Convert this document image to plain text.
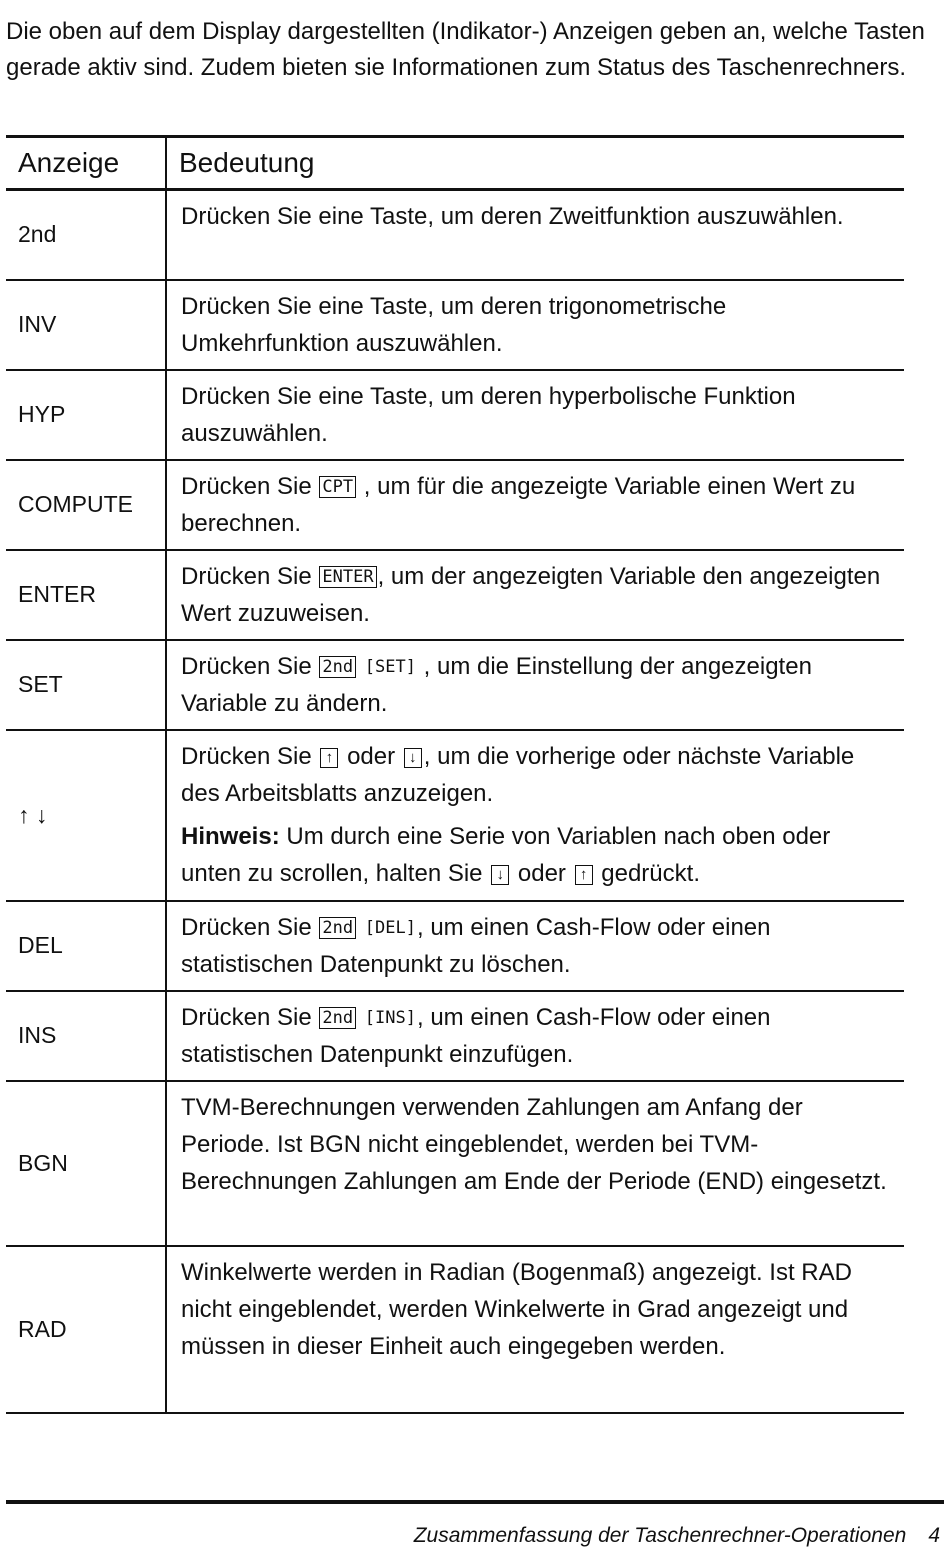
Die oben auf dem Display dargestellten (Indikator-) Anzeigen geben an, welche Tasten gerade aktiv sind. Zudem bieten sie Informationen zum Status des Taschenrechners.

Anzeige	Bedeutung
2nd	Drücken Sie eine Taste, um deren Zweitfunktion auszuwählen.
INV	Drücken Sie eine Taste, um deren trigonometrische Umkehrfunktion auszuwählen.
HYP	Drücken Sie eine Taste, um deren hyperbolische Funktion auszuwählen.
COMPUTE	Drücken Sie CPT , um für die angezeigte Variable einen Wert zu berechnen.
ENTER	Drücken Sie ENTER , um der angezeigten Variable den angezeigten Wert zuzuweisen.
SET	Drücken Sie 2nd [SET] , um die Einstellung der angezeigten Variable zu ändern.
↑ ↓	Drücken Sie ↑ oder ↓ , um die vorherige oder nächste Variable des Arbeitsblatts anzuzeigen.
Hinweis: Um durch eine Serie von Variablen nach oben oder unten zu scrollen, halten Sie ↓ oder ↑ gedrückt.

DEL	Drücken Sie 2nd [DEL], um einen Cash-Flow oder einen statistischen Datenpunkt zu löschen.
INS	Drücken Sie 2nd [INS], um einen Cash-Flow oder einen statistischen Datenpunkt einzufügen.
BGN	TVM-Berechnungen verwenden Zahlungen am Anfang der Periode. Ist BGN nicht eingeblendet, werden bei TVM-Berechnungen Zahlungen am Ende der Periode (END) eingesetzt.
RAD	Winkelwerte werden in Radian (Bogenmaß) angezeigt. Ist RAD nicht eingeblendet, werden Winkelwerte in Grad angezeigt und müssen in dieser Einheit auch eingegeben werden.
Zusammenfassung der Taschenrechner-Operationen 4
